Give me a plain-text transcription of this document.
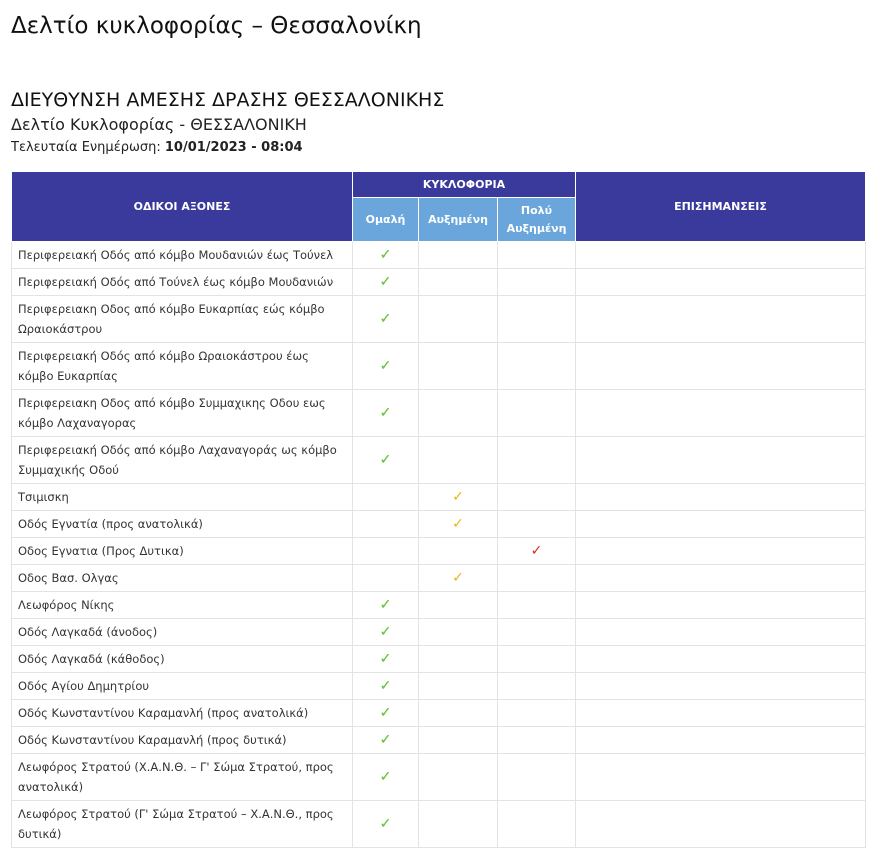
Δελτίο κυκλοφορίας – Θεσσαλονίκη
ΔΙΕΥΘΥΝΣΗ ΑΜΕΣΗΣ ΔΡΑΣΗΣ ΘΕΣΣΑΛΟΝΙΚΗΣ
Δελτίο Κυκλοφορίας - ΘΕΣΣΑΛΟΝΙΚΗ
Τελευταία Ενημέρωση: 10/01/2023 - 08:04
ΟΔΙΚΟΙ ΑΞΟΝΕΣ	ΚΥΚΛΟΦΟΡΙΑ			ΕΠΙΣΗΜΑΝΣΕΙΣ
	Ομαλή	Αυξημένη	Πολύ Αυξημένη	
Περιφερειακή Οδός από κόμβο Μουδανιών έως Τούνελ	✓			
Περιφερειακή Οδός από Τούνελ έως κόμβο Μουδανιών	✓			
Περιφερειακη Οδος από κόμβο Ευκαρπίας εώς κόμβο Ωραιοκάστρου	✓			
Περιφερειακή Οδός από κόμβο Ωραιοκάστρου έως κόμβο Ευκαρπίας	✓			
Περιφερειακη Οδος από κόμβο Συμμαχικης Οδου εως κόμβο Λαχαναγορας	✓			
Περιφερειακή Οδός από κόμβο Λαχαναγοράς ως κόμβο Συμμαχικής Οδού	✓			
Τσιμισκη		✓		
Οδός Εγνατία (προς ανατολικά)		✓		
Οδος Εγνατια (Προς Δυτικα)			✓	
Οδος Βασ. Ολγας		✓		
Λεωφόρος Νίκης	✓			
Οδός Λαγκαδά (άνοδος)	✓			
Οδός Λαγκαδά (κάθοδος)	✓			
Οδός Αγίου Δημητρίου	✓			
Οδός Κωνσταντίνου Καραμανλή (προς ανατολικά)	✓			
Οδός Κωνσταντίνου Καραμανλή (προς δυτικά)	✓			
Λεωφόρος Στρατού (Χ.Α.Ν.Θ. – Γ' Σώμα Στρατού, προς ανατολικά)	✓			
Λεωφόρος Στρατού (Γ' Σώμα Στρατού – Χ.Α.Ν.Θ., προς δυτικά)	✓			
